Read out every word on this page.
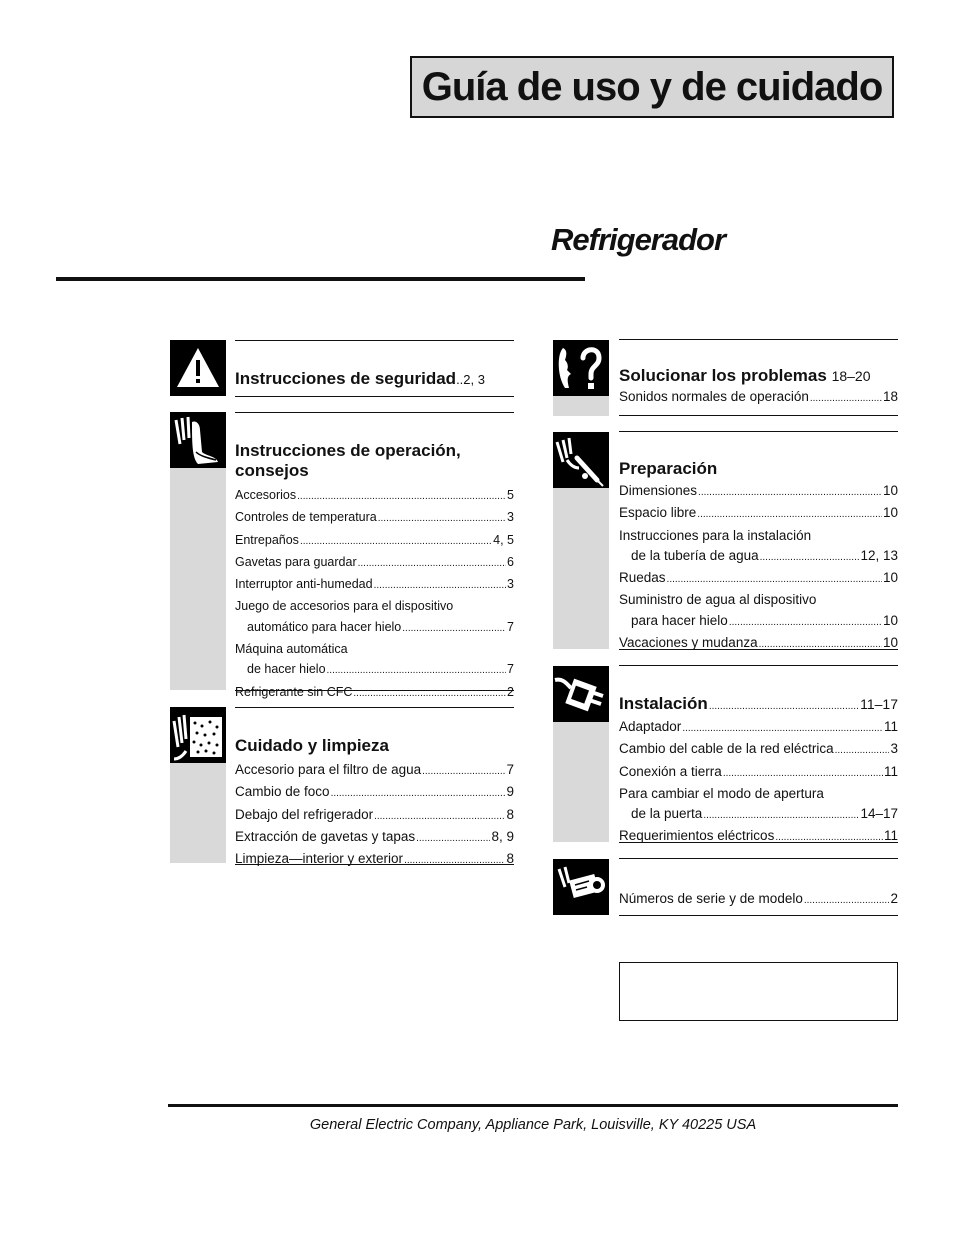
Guía de uso y de cuidado
Refrigerador

Instrucciones de seguridad..2, 3

Instrucciones de operación, consejos

Accesorios .....	5
Controles de temperatura .....	3
Entrepaños .....	4, 5
Gavetas para guardar .....	6
Interruptor anti-humedad .....	3
Juego de accesorios para el dispositivo
automático para hacer hielo .....	7
Máquina automática
de hacer hielo .....	7
Refrigerante sin CFC .....	2

Cuidado y limpieza

Accesorio para el filtro de agua .....	7
Cambio de foco .....	9
Debajo del refrigerador .....	8
Extracción de gavetas y tapas .....	8, 9
Limpieza—interior y exterior .....	8

Solucionar los problemas 18–20

Sonidos normales de operación .....	18

Preparación

Dimensiones .....	10
Espacio libre .....	10
Instrucciones para la instalación
de la tubería de agua .....	12, 13
Ruedas .....	10
Suministro de agua al dispositivo
para hacer hielo .....	10
Vacaciones y mudanza .....	10
Instalación .....	11–17
Adaptador .....	11
Cambio del cable de la red eléctrica .....	3
Conexión a tierra .....	11
Para cambiar el modo de apertura
de la puerta .....	14–17
Requerimientos eléctricos .....	11
Números de serie y de modelo .....	2
General Electric Company, Appliance Park, Louisville, KY 40225 USA
